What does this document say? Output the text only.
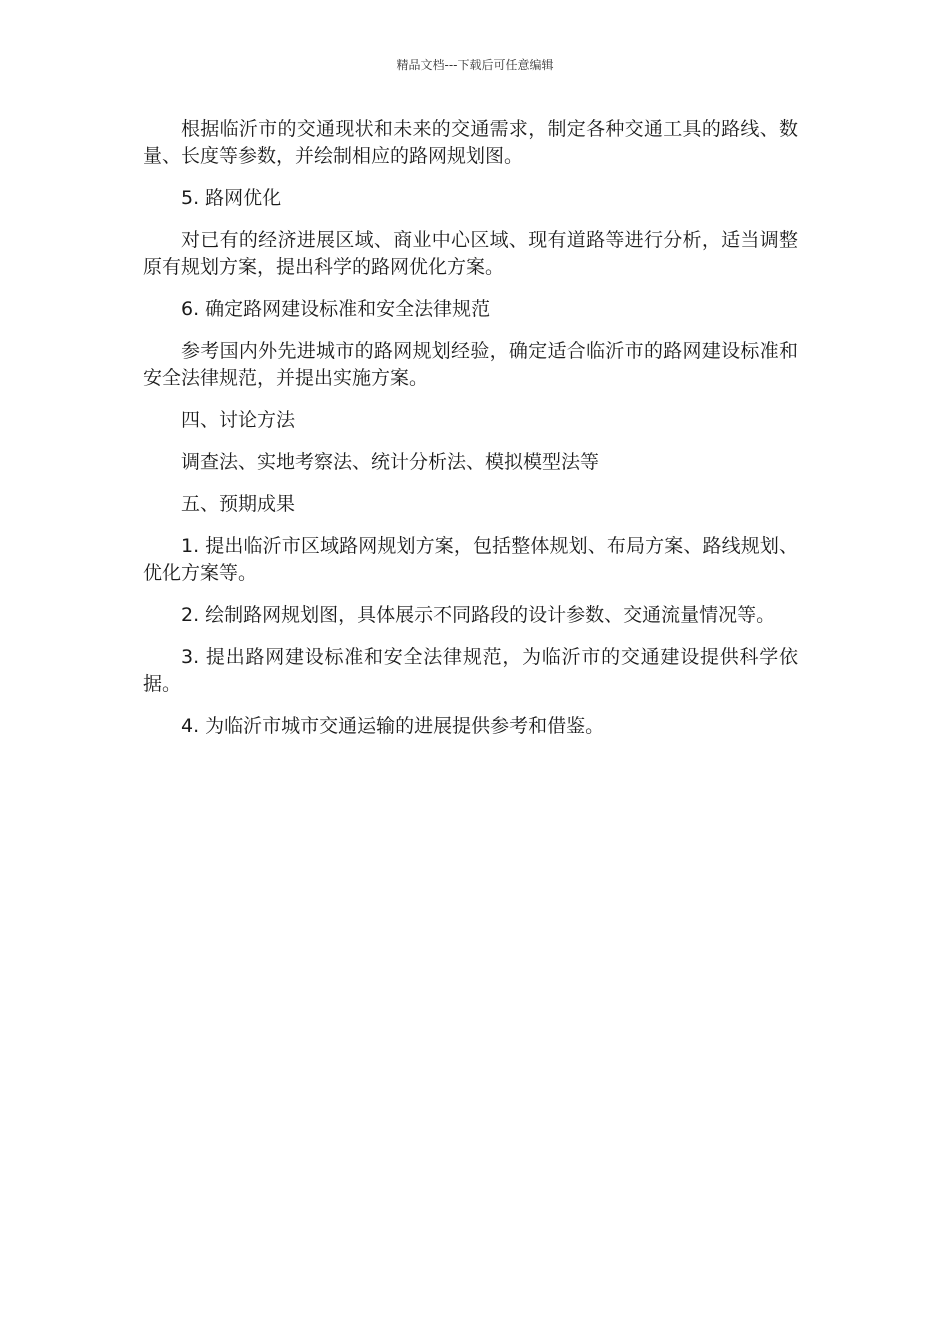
精品文档---下载后可任意编辑

根据临沂市的交通现状和未来的交通需求，制定各种交通工具的路线、数量、长度等参数，并绘制相应的路网规划图。

5. 路网优化

对已有的经济进展区域、商业中心区域、现有道路等进行分析，适当调整原有规划方案，提出科学的路网优化方案。

6. 确定路网建设标准和安全法律规范

参考国内外先进城市的路网规划经验，确定适合临沂市的路网建设标准和安全法律规范，并提出实施方案。

四、讨论方法

调查法、实地考察法、统计分析法、模拟模型法等

五、预期成果

1. 提出临沂市区域路网规划方案，包括整体规划、布局方案、路线规划、优化方案等。

2. 绘制路网规划图，具体展示不同路段的设计参数、交通流量情况等。

3. 提出路网建设标准和安全法律规范，为临沂市的交通建设提供科学依据。

4. 为临沂市城市交通运输的进展提供参考和借鉴。
